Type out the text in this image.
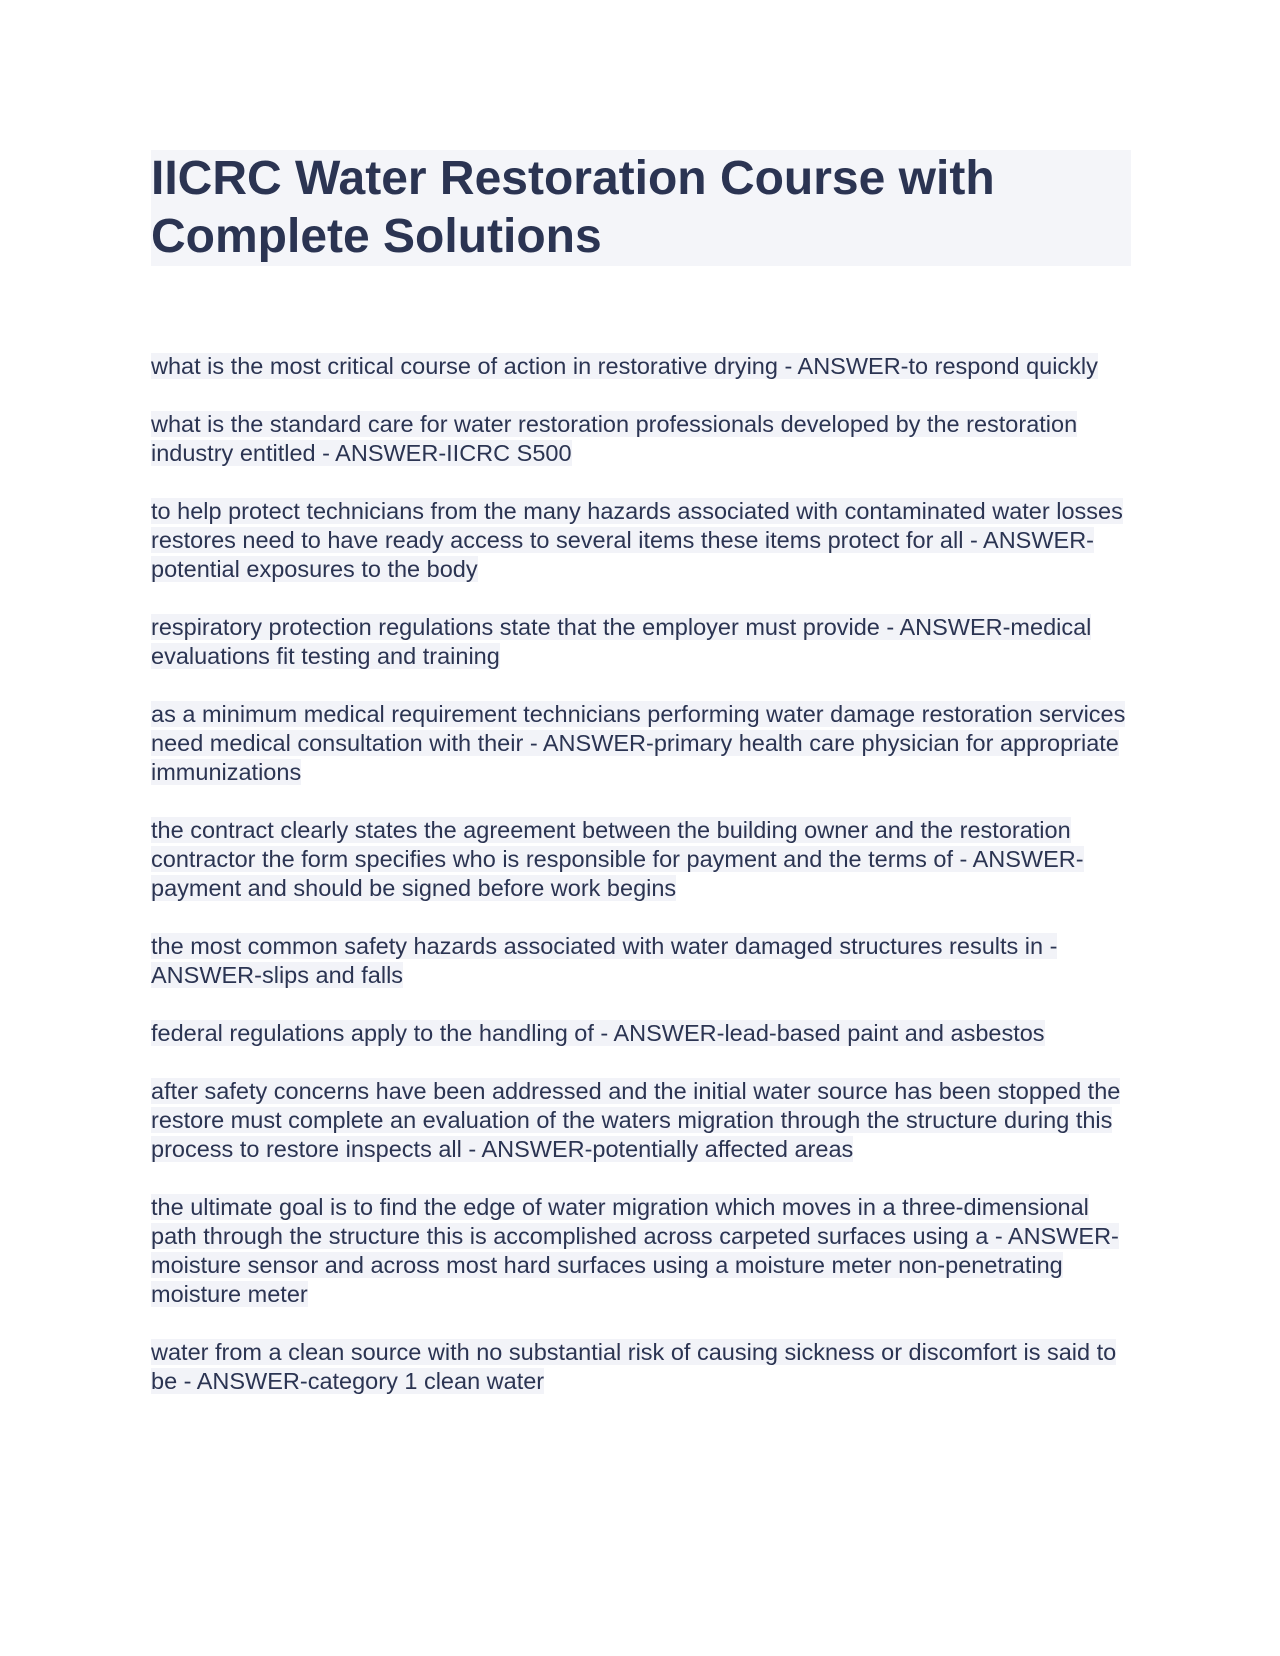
IICRC Water Restoration Course with Complete Solutions

what is the most critical course of action in restorative drying - ANSWER-to respond quickly

what is the standard care for water restoration professionals developed by the restoration industry entitled - ANSWER-IICRC S500

to help protect technicians from the many hazards associated with contaminated water losses restores need to have ready access to several items these items protect for all - ANSWER-potential exposures to the body

respiratory protection regulations state that the employer must provide - ANSWER-medical evaluations fit testing and training

as a minimum medical requirement technicians performing water damage restoration services need medical consultation with their - ANSWER-primary health care physician for appropriate immunizations

the contract clearly states the agreement between the building owner and the restoration contractor the form specifies who is responsible for payment and the terms of - ANSWER-payment and should be signed before work begins

the most common safety hazards associated with water damaged structures results in - ANSWER-slips and falls

federal regulations apply to the handling of - ANSWER-lead-based paint and asbestos

after safety concerns have been addressed and the initial water source has been stopped the restore must complete an evaluation of the waters migration through the structure during this process to restore inspects all - ANSWER-potentially affected areas

the ultimate goal is to find the edge of water migration which moves in a three-dimensional path through the structure this is accomplished across carpeted surfaces using a - ANSWER-moisture sensor and across most hard surfaces using a moisture meter non-penetrating moisture meter

water from a clean source with no substantial risk of causing sickness or discomfort is said to be - ANSWER-category 1 clean water
